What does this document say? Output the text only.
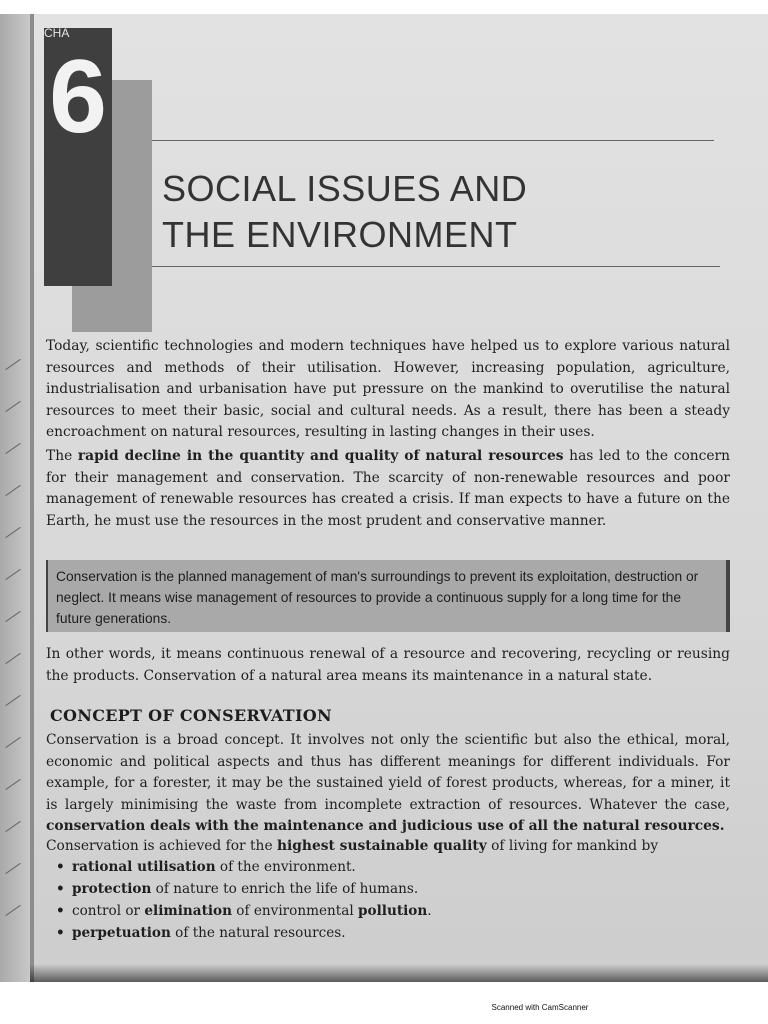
CHA
6
SOCIAL ISSUES AND
THE ENVIRONMENT

Today, scientific technologies and modern techniques have helped us to explore various natural resources and methods of their utilisation. However, increasing population, agriculture, industrialisation and urbanisation have put pressure on the mankind to overutilise the natural resources to meet their basic, social and cultural needs. As a result, there has been a steady encroachment on natural resources, resulting in lasting changes in their uses.

The rapid decline in the quantity and quality of natural resources has led to the concern for their management and conservation. The scarcity of non-renewable resources and poor management of renewable resources has created a crisis. If man expects to have a future on the Earth, he must use the resources in the most prudent and conservative manner.

Conservation is the planned management of man's surroundings to prevent its exploitation, destruction or neglect. It means wise management of resources to provide a continuous supply for a long time for the future generations.

In other words, it means continuous renewal of a resource and recovering, recycling or reusing the products. Conservation of a natural area means its maintenance in a natural state.

CONCEPT OF CONSERVATION

Conservation is a broad concept. It involves not only the scientific but also the ethical, moral, economic and political aspects and thus has different meanings for different individuals. For example, for a forester, it may be the sustained yield of forest products, whereas, for a miner, it is largely minimising the waste from incomplete extraction of resources. Whatever the case, conservation deals with the maintenance and judicious use of all the natural resources.

Conservation is achieved for the highest sustainable quality of living for mankind by

• rational utilisation of the environment.
• protection of nature to enrich the life of humans.
• control or elimination of environmental pollution.
• perpetuation of the natural resources.
Scanned with CamScanner
